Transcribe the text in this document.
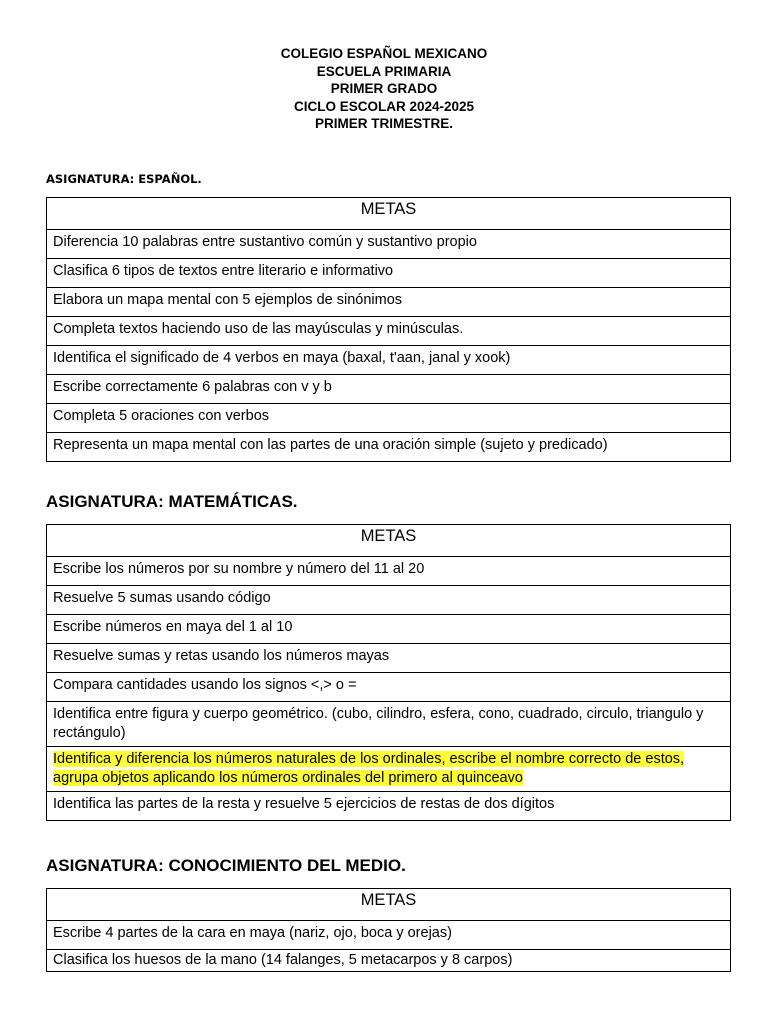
COLEGIO ESPAÑOL MEXICANO
ESCUELA PRIMARIA
PRIMER GRADO
CICLO ESCOLAR 2024-2025
PRIMER TRIMESTRE.
ASIGNATURA: ESPAÑOL.
METAS
Diferencia 10 palabras entre sustantivo común y sustantivo propio
Clasifica 6 tipos de textos entre literario e informativo
Elabora un mapa mental con 5 ejemplos de sinónimos
Completa textos haciendo uso de las mayúsculas y minúsculas.
Identifica el significado de 4 verbos en maya (baxal, t'aan, janal y xook)
Escribe correctamente 6 palabras con v y b
Completa 5 oraciones con verbos
Representa un mapa mental con las partes de una oración simple (sujeto y predicado)
ASIGNATURA: MATEMÁTICAS.
METAS
Escribe los números por su nombre y número del 11 al 20
Resuelve 5 sumas usando código
Escribe números en maya del 1 al 10
Resuelve sumas y retas usando los números mayas
Compara cantidades usando los signos <,> o =
Identifica entre figura y cuerpo geométrico. (cubo, cilindro, esfera, cono, cuadrado, circulo, triangulo y rectángulo)
Identifica y diferencia los números naturales de los ordinales, escribe el nombre correcto de estos, agrupa objetos aplicando los números ordinales del primero al quinceavo
Identifica las partes de la resta y resuelve 5 ejercicios de restas de dos dígitos
ASIGNATURA: CONOCIMIENTO DEL MEDIO.
METAS
Escribe 4 partes de la cara en maya (nariz, ojo, boca y orejas)
Clasifica los huesos de la mano (14 falanges, 5 metacarpos y 8 carpos)
